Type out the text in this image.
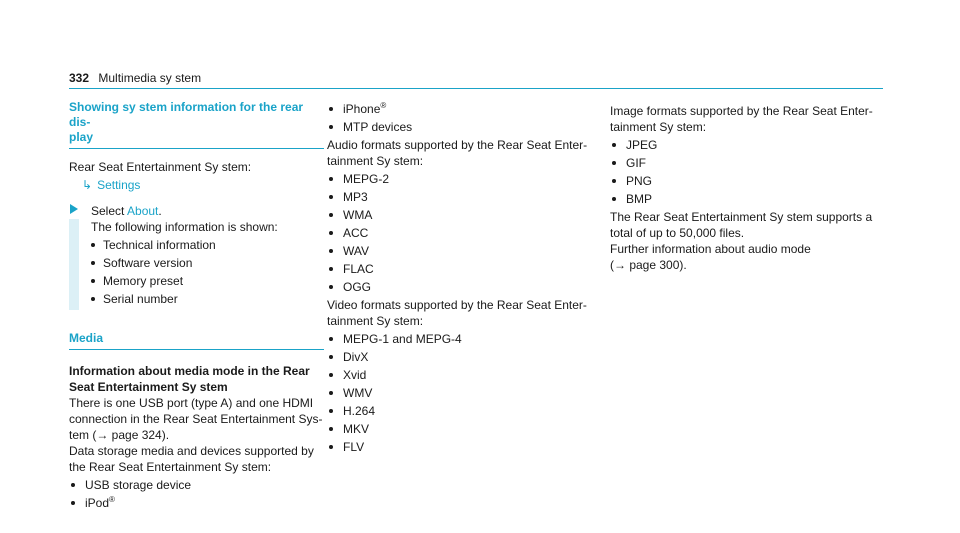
332 Multimedia sy stem
Showing sy stem information for the rear dis‐
play

Rear Seat Entertainment Sy stem:

↳ Settings

Select About.

The following information is shown:

Technical information
Software version
Memory preset
Serial number
Media
Information about media mode in the Rear
Seat Entertainment Sy stem
There is one USB port (type A) and one HDMI
connection in the Rear Seat Entertainment Sys‐
tem (→ page 324).
Data storage media and devices supported by
the Rear Seat Entertainment Sy stem:
USB storage device
iPod®
iPhone®
MTP devices
Audio formats supported by the Rear Seat Enter‐
tainment Sy stem:
MEPG-2
MP3
WMA
ACC
WAV
FLAC
OGG
Video formats supported by the Rear Seat Enter‐
tainment Sy stem:
MEPG-1 and MEPG-4
DivX
Xvid
WMV
H.264
MKV
FLV
Image formats supported by the Rear Seat Enter‐
tainment Sy stem:
JPEG
GIF
PNG
BMP
The Rear Seat Entertainment Sy stem supports a
total of up to 50,000 files.
Further information about audio mode
(→ page 300).
